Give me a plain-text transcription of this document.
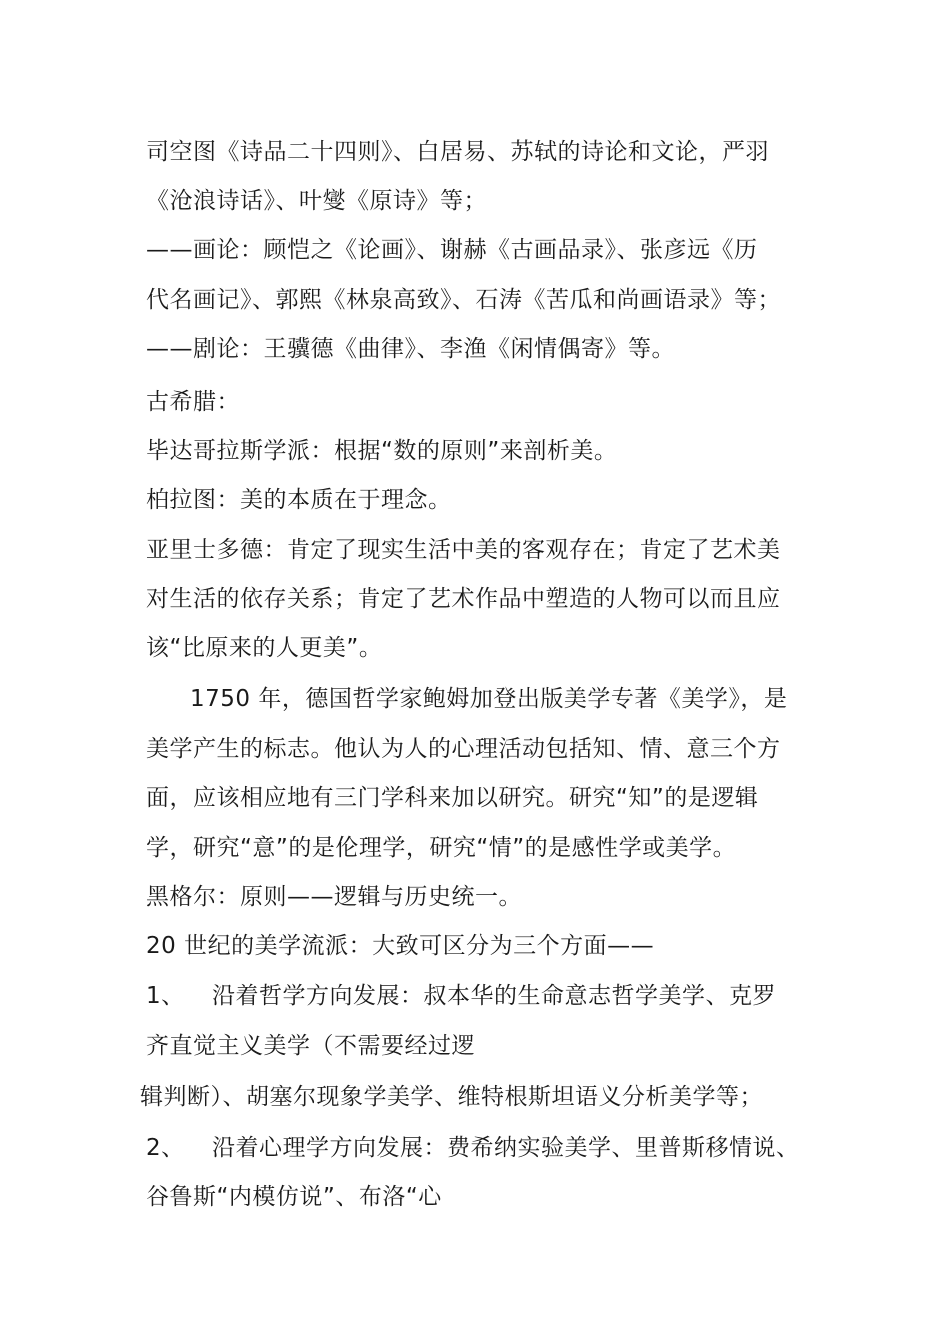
司空图《诗品二十四则》、白居易、苏轼的诗论和文论，严羽
《沧浪诗话》、叶燮《原诗》等；
——画论：顾恺之《论画》、谢赫《古画品录》、张彦远《历
代名画记》、郭熙《林泉高致》、石涛《苦瓜和尚画语录》等；
——剧论：王骥德《曲律》、李渔《闲情偶寄》等。
古希腊：
毕达哥拉斯学派：根据“数的原则”来剖析美。
柏拉图：美的本质在于理念。
亚里士多德：肯定了现实生活中美的客观存在；肯定了艺术美
对生活的依存关系；肯定了艺术作品中塑造的人物可以而且应
该“比原来的人更美”。
1750 年，德国哲学家鲍姆加登出版美学专著《美学》，是
美学产生的标志。他认为人的心理活动包括知、情、意三个方
面，应该相应地有三门学科来加以研究。研究“知”的是逻辑
学，研究“意”的是伦理学，研究“情”的是感性学或美学。
黑格尔：原则——逻辑与历史统一。
20 世纪的美学流派：大致可区分为三个方面——
1、 沿着哲学方向发展：叔本华的生命意志哲学美学、克罗
齐直觉主义美学（不需要经过逻
辑判断）、胡塞尔现象学美学、维特根斯坦语义分析美学等；
2、 沿着心理学方向发展：费希纳实验美学、里普斯移情说、
谷鲁斯“内模仿说”、布洛“心
